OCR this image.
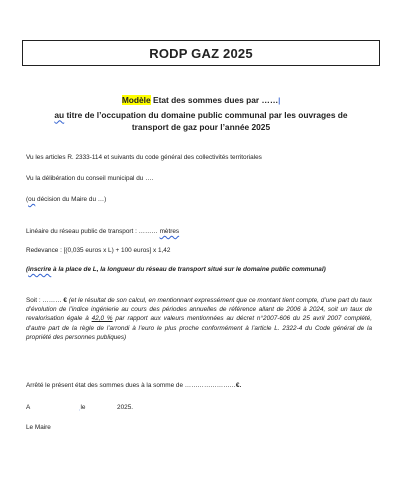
RODP GAZ 2025
Modèle Etat des sommes dues par ……|
au titre de l’occupation du domaine public communal par les ouvrages de
transport de gaz pour l’année 2025
Vu les articles R. 2333-114 et suivants du code général des collectivités territoriales
Vu la délibération du conseil municipal du ….
(ou décision du Maire du …)
Linéaire du réseau public de transport : ……… mètres
Redevance : [(0,035 euros x L) + 100 euros] x 1,42
(inscrire à la place de L, la longueur du réseau de transport situé sur le domaine public communal)
Soit : ……… € (et le résultat de son calcul, en mentionnant expressément que ce montant tient compte, d’une part du taux d’évolution de l’indice ingénierie au cours des périodes annuelles de référence allant de 2006 à 2024, soit un taux de revalorisation égale à 42,0 % par rapport aux valeurs mentionnées au décret n°2007-606 du 25 avril 2007 complété, d’autre part de la règle de l’arrondi à l’euro le plus proche conformément à l’article L. 2322-4 du Code général de la propriété des personnes publiques)
Arrêté le présent état des sommes dues à la somme de ……………………€.
A	ˌle	2025.
Le Maire
